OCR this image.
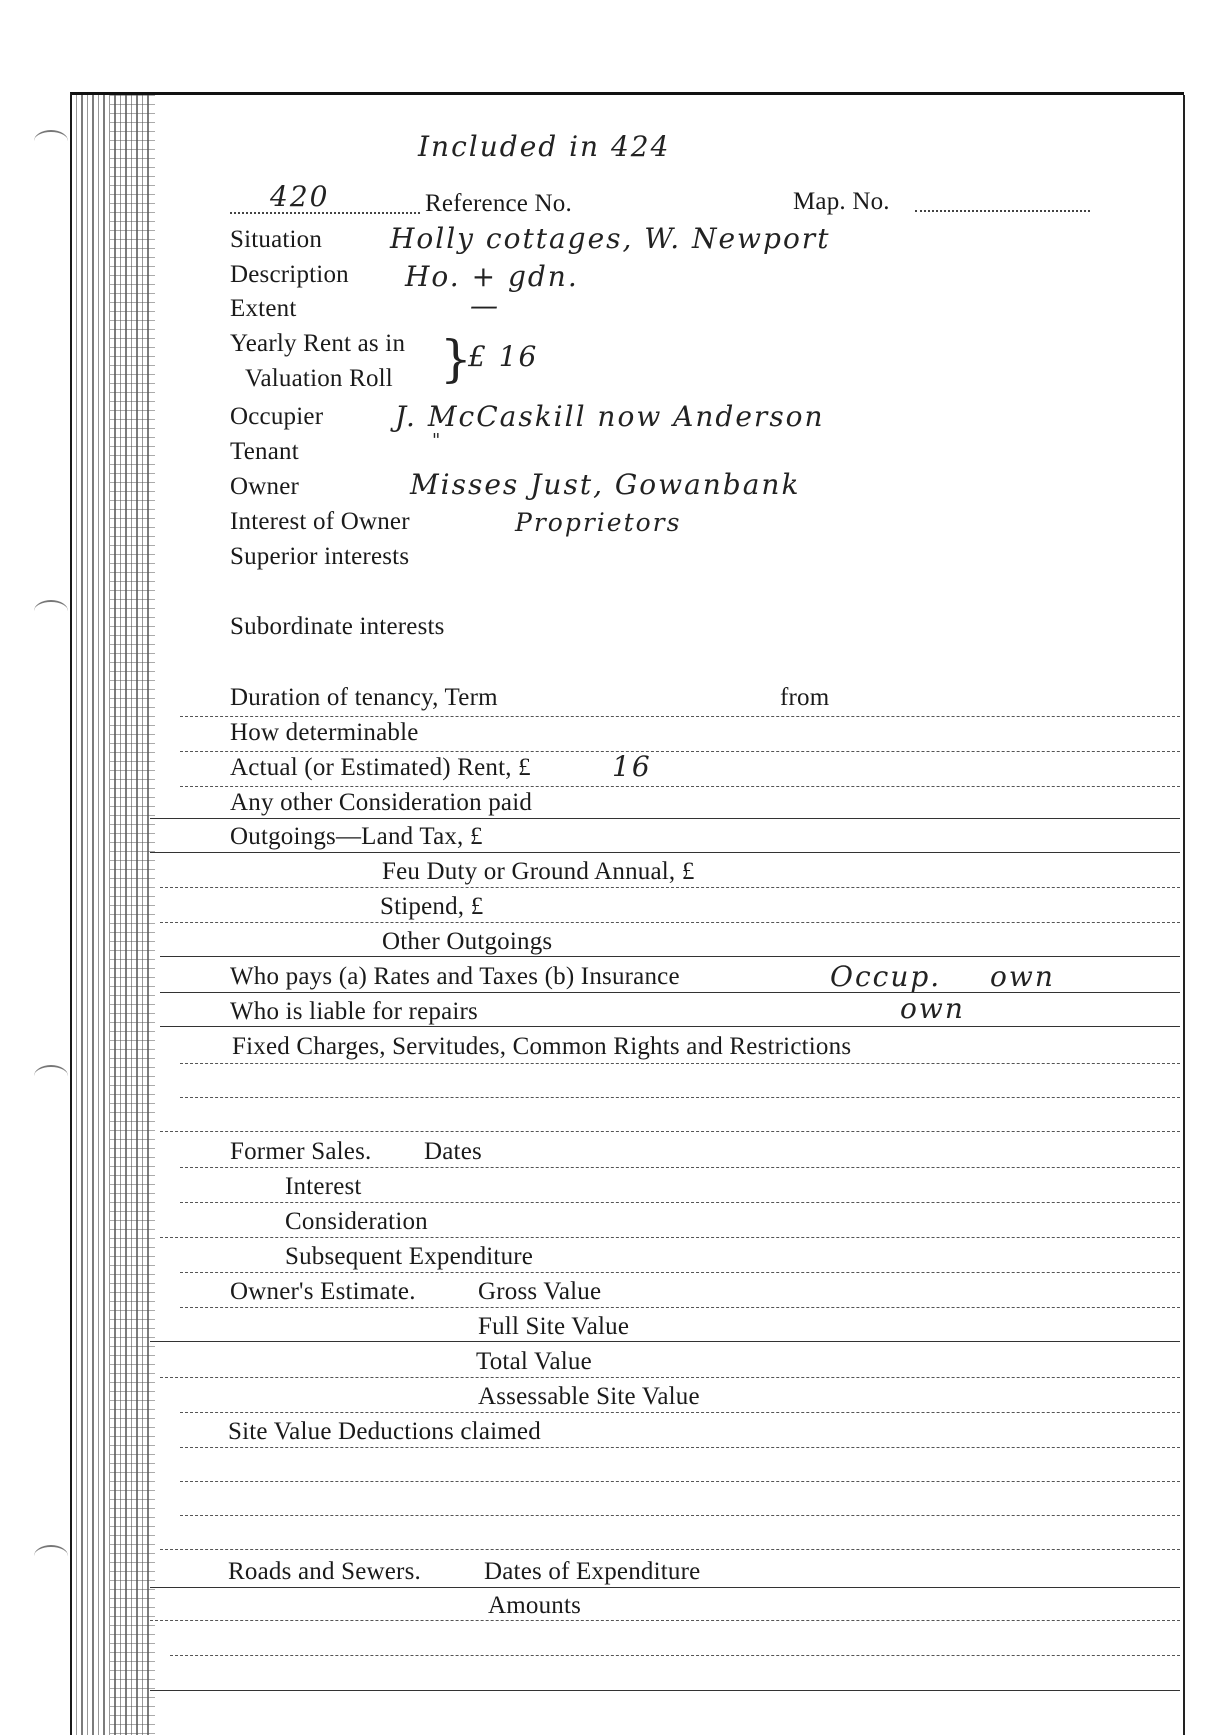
Included in 424
420	Reference No.	Map. No.
Situation Holly cottages, W. Newport
Description Ho. + gdn.
Extent	—
Yearly Rent as in
Valuation Roll }
£ 16
Occupier	J. McCaskill now Anderson
Tenant	"
Owner	Misses Just, Gowanbank
Interest of Owner	Proprietors
Superior interests
Subordinate interests
Duration of tenancy, Term	from
How determinable
Actual (or Estimated) Rent, £	16
Any other Consideration paid
Outgoings—Land Tax, £
Feu Duty or Ground Annual, £
Stipend, £
Other Outgoings
Who pays (a) Rates and Taxes (b) Insurance	Occup. own
Who is liable for repairs	own
Fixed Charges, Servitudes, Common Rights and Restrictions
Former Sales. Dates
Interest
Consideration
Subsequent Expenditure
Owner's Estimate. Gross Value
Full Site Value
Total Value
Assessable Site Value
Site Value Deductions claimed
Roads and Sewers.	Dates of Expenditure
Amounts
